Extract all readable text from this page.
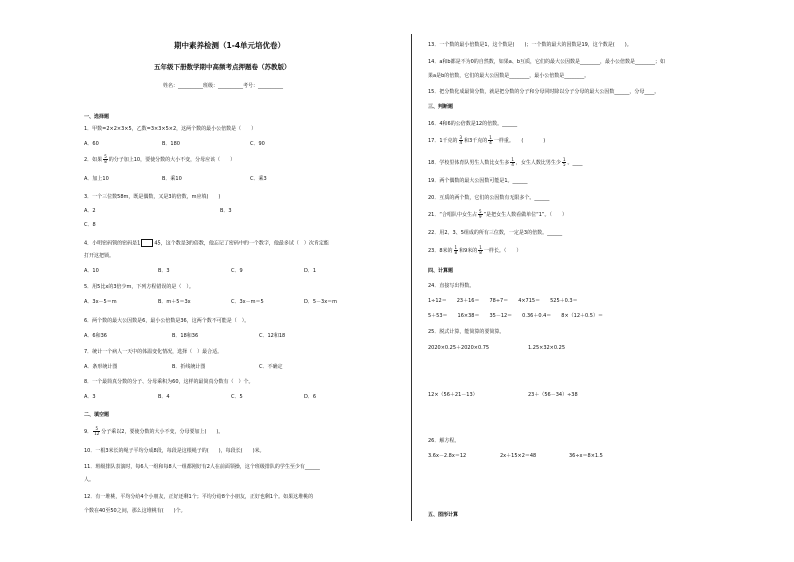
期中素养检测（1-4单元培优卷）
五年级下册数学期中高频考点押题卷（苏教版）
姓名：__________班级：__________考号：__________
一、选择题
1．甲数=2×2×3×5，乙数=3×3×5×2，这两个数的最小公倍数是（　　）
A．60	B．180	C．90
2．如果 $\frac{5}{8}$ 的分子加上10，要使分数的大小不变，分母应该（　　）
A．加上10	B．乘10	C．乘3
3．一个三位数58m，既是偶数，又是3的倍数，m应填(　　)
A．2	B．3
C．8
4．小明密码锁的密码是1	45，这个数是3的倍数，他忘记了密码中的一个数字，他最多试（　）次肯定能
打开这把锁。
A．10	B．3	C．9	D．1
5．用5比x的3倍少m，下列方程错误的是（　）。
A．3x－5＝m	B．m＋5＝3x	C．3x－m＝5	D．5－3x＝m
6．两个数的最大公因数是6，最小公倍数是36，这两个数不可能是（　）。
A．6和36	B．18和36	C．12和18
7．统计一个病人一天中的体温变化情况，选择（　）最合适。
A．条形统计图	B．折线统计图	C．不确定
8．一个最简真分数的分子、分母乘积为60，这样的最简真分数有（　）个。
A．3	B．4	C．5	D．6
二、填空题
9． $\frac{5}{12}$ 分子乘以2，要使分数的大小不变，分母要加上(　　)。
10．一根3米长的绳子平均分成8段，每段是这根绳子的(　　)，每段长(　　)米。
11．班级排队表演时，每6人一组和每8人一组都刚好有2人在前面领操，这个班级排队的学生至少有______
人。
12．有一堆桃，平均分给4个小朋友，正好还剩1个；平均分给8个小朋友，正好也剩1个。如果这堆桃的
个数在40至50之间，那么这堆桃有(　　)个。
13．一个数的最小倍数是1，这个数是(　　)；一个数的最大的因数是19，这个数是(　　)。
14．a和b都是不为0的自然数，如果a、b互质，它们的最大公因数是________，最小公倍数是________；如
果a是b的倍数，它们的最大公因数是________，最小公倍数是________。
15．把分数化成最简分数，就是把分数的分子和分母同时除以分子分母的最大公因数______，分母____。
三、判断题
16．4和6的公倍数是12的倍数。______
17．1千克的 $\frac{3}{4}$ 和3千克的 $\frac{1}{4}$ 一样重。　　(　　　　)
18．学校里体育队男生人数比女生多 $\frac{1}{4}$ ，女生人数比男生少 $\frac{1}{5}$ 。____
19．两个偶数的最大公因数可能是1。______
20．互质的两个数，它们的公因数有无限多个。______
21．“合唱队中女生占 $\frac{5}{9}$ ”是把女生人数看做单位“1”。（　　）
22．用2、3、5组成的所有三位数，一定是3的倍数。______
23．8米的 $\frac{1}{8}$ 和9米的 $\frac{1}{8}$ 一样长。（　　）
四、计算题
24．直接写出得数。
1÷12＝　　23＋16＝　　78÷7＝　　4×715＝　　525＋0.3＝
5＋53＝　　16×38＝　　35－12＝　　0.36＋0.4＝　　8×（12＋0.5）＝
25．脱式计算，能简算的要简算。
2020×0.25＋2020×0.75	1.25×32×0.25
12×（56＋21－13）	23＋（56－34）÷38
26．解方程。
3.6x－2.8x＝12	2x＋15×2＝48	36÷x＝8×1.5
五、图形计算
